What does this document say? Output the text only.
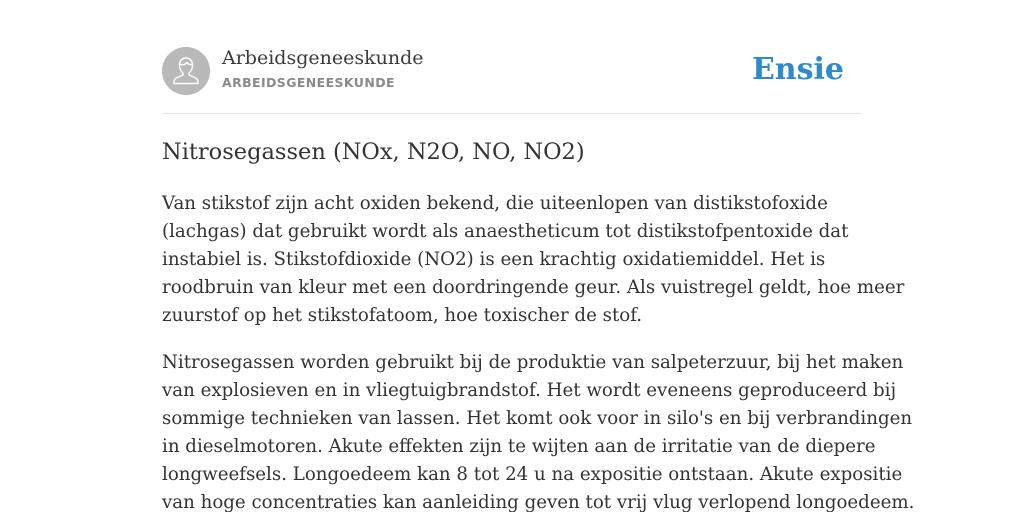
Arbeidsgeneeskunde
ARBEIDSGENEESKUNDE	Ensie
Nitrosegassen (NOx, N2O, NO, NO2)

Van stikstof zijn acht oxiden bekend, die uiteenlopen van distikstofoxide
(lachgas) dat gebruikt wordt als anaestheticum tot distikstofpentoxide dat
instabiel is. Stikstofdioxide (NO2) is een krachtig oxidatiemiddel. Het is
roodbruin van kleur met een doordringende geur. Als vuistregel geldt, hoe meer
zuurstof op het stikstofatoom, hoe toxischer de stof.

Nitrosegassen worden gebruikt bij de produktie van salpeterzuur, bij het maken
van explosieven en in vliegtuigbrandstof. Het wordt eveneens geproduceerd bij
sommige technieken van lassen. Het komt ook voor in silo's en bij verbrandingen
in dieselmotoren. Akute effekten zijn te wijten aan de irritatie van de diepere
longweefsels. Longoedeem kan 8 tot 24 u na expositie ontstaan. Akute expositie
van hoge concentraties kan aanleiding geven tot vrij vlug verlopend longoedeem.
